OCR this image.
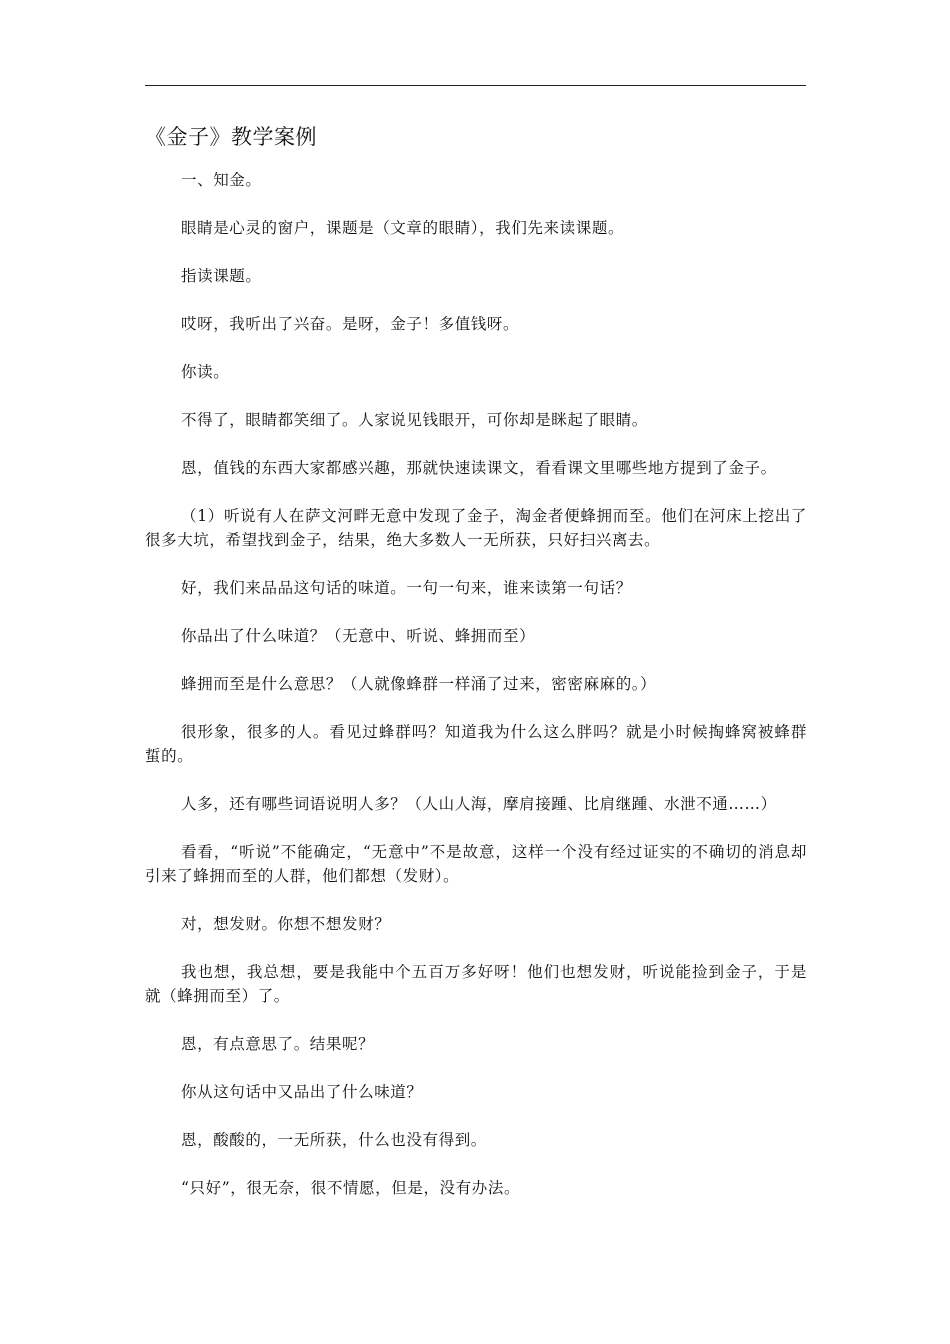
《金子》教学案例

一、知金。

眼睛是心灵的窗户，课题是（文章的眼睛），我们先来读课题。

指读课题。

哎呀，我听出了兴奋。是呀，金子！多值钱呀。

你读。

不得了，眼睛都笑细了。人家说见钱眼开，可你却是眯起了眼睛。

恩，值钱的东西大家都感兴趣，那就快速读课文，看看课文里哪些地方提到了金子。

（1）听说有人在萨文河畔无意中发现了金子，淘金者便蜂拥而至。他们在河床上挖出了很多大坑，希望找到金子，结果，绝大多数人一无所获，只好扫兴离去。

好，我们来品品这句话的味道。一句一句来，谁来读第一句话？

你品出了什么味道？（无意中、听说、蜂拥而至）

蜂拥而至是什么意思？（人就像蜂群一样涌了过来，密密麻麻的。）

很形象，很多的人。看见过蜂群吗？知道我为什么这么胖吗？就是小时候掏蜂窝被蜂群蜇的。

人多，还有哪些词语说明人多？（人山人海，摩肩接踵、比肩继踵、水泄不通……）

看看，“听说”不能确定，“无意中”不是故意，这样一个没有经过证实的不确切的消息却引来了蜂拥而至的人群，他们都想（发财）。

对，想发财。你想不想发财？

我也想，我总想，要是我能中个五百万多好呀！他们也想发财，听说能捡到金子，于是就（蜂拥而至）了。

恩，有点意思了。结果呢？

你从这句话中又品出了什么味道？

恩，酸酸的，一无所获，什么也没有得到。

“只好”，很无奈，很不情愿，但是，没有办法。
